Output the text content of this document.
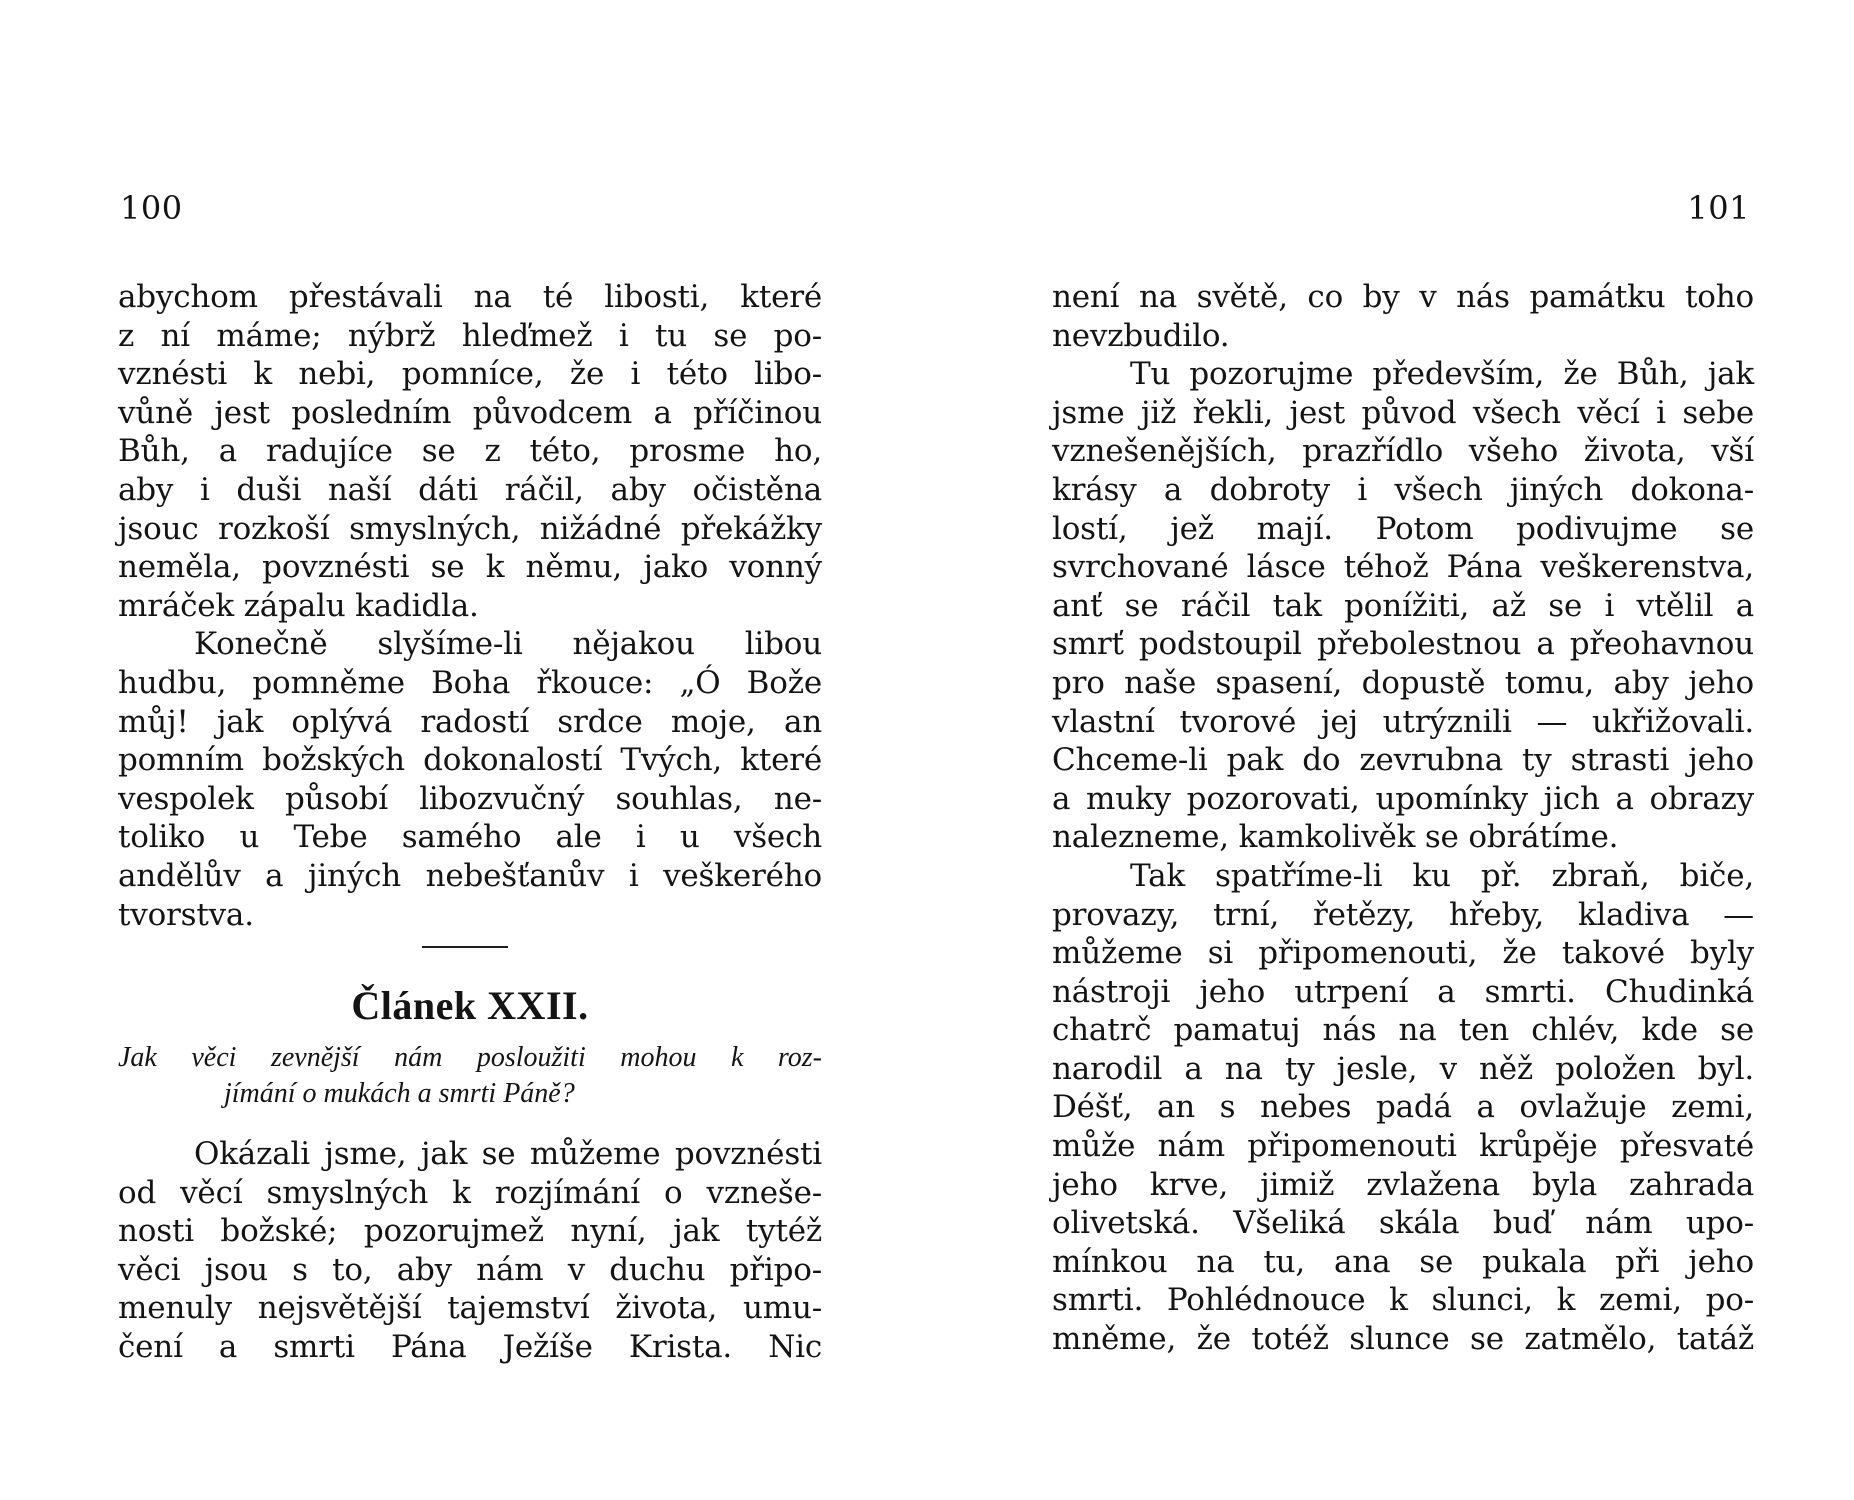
100
abychom přestávali na té libosti, které
z ní máme; nýbrž hleďmež i tu se po-
vznésti k nebi, pomníce, že i této libo-
vůně jest posledním původcem a příčinou
Bůh, a radujíce se z této, prosme ho,
aby i duši naší dáti ráčil, aby očistěna
jsouc rozkoší smyslných, nižádné překážky
neměla, povznésti se k němu, jako vonný
mráček zápalu kadidla.
Konečně slyšíme-li nějakou libou
hudbu, pomněme Boha řkouce: „Ó Bože
můj! jak oplývá radostí srdce moje, an
pomním božských dokonalostí Tvých, které
vespolek působí libozvučný souhlas, ne-
toliko u Tebe samého ale i u všech
andělův a jiných nebešťanův i veškerého
tvorstva.
Článek XXII.
Jak věci zevnější nám posloužiti mohou k roz-
jímání o mukách a smrti Páně?
Okázali jsme, jak se můžeme povznésti
od věcí smyslných k rozjímání o vzneše-
nosti božské; pozorujmež nyní, jak tytéž
věci jsou s to, aby nám v duchu připo-
menuly nejsvětější tajemství života, umu-
čení a smrti Pána Ježíše Krista. Nic
101
není na světě, co by v nás památku toho
nevzbudilo.
Tu pozorujme především, že Bůh, jak
jsme již řekli, jest původ všech věcí i sebe
vznešenějších, prazřídlo všeho života, vší
krásy a dobroty i všech jiných dokona-
lostí, jež mají. Potom podivujme se
svrchované lásce téhož Pána veškerenstva,
anť se ráčil tak ponížiti, až se i vtělil a
smrť podstoupil přebolestnou a přeohavnou
pro naše spasení, dopustě tomu, aby jeho
vlastní tvorové jej utrýznili — ukřižovali.
Chceme-li pak do zevrubna ty strasti jeho
a muky pozorovati, upomínky jich a obrazy
nalezneme, kamkolivěk se obrátíme.
Tak spatříme-li ku př. zbraň, biče,
provazy, trní, řetězy, hřeby, kladiva —
můžeme si připomenouti, že takové byly
nástroji jeho utrpení a smrti. Chudinká
chatrč pamatuj nás na ten chlév, kde se
narodil a na ty jesle, v něž položen byl.
Déšť, an s nebes padá a ovlažuje zemi,
může nám připomenouti krůpěje přesvaté
jeho krve, jimiž zvlažena byla zahrada
olivetská. Všeliká skála buď nám upo-
mínkou na tu, ana se pukala při jeho
smrti. Pohlédnouce k slunci, k zemi, po-
mněme, že totéž slunce se zatmělo, tatáž
